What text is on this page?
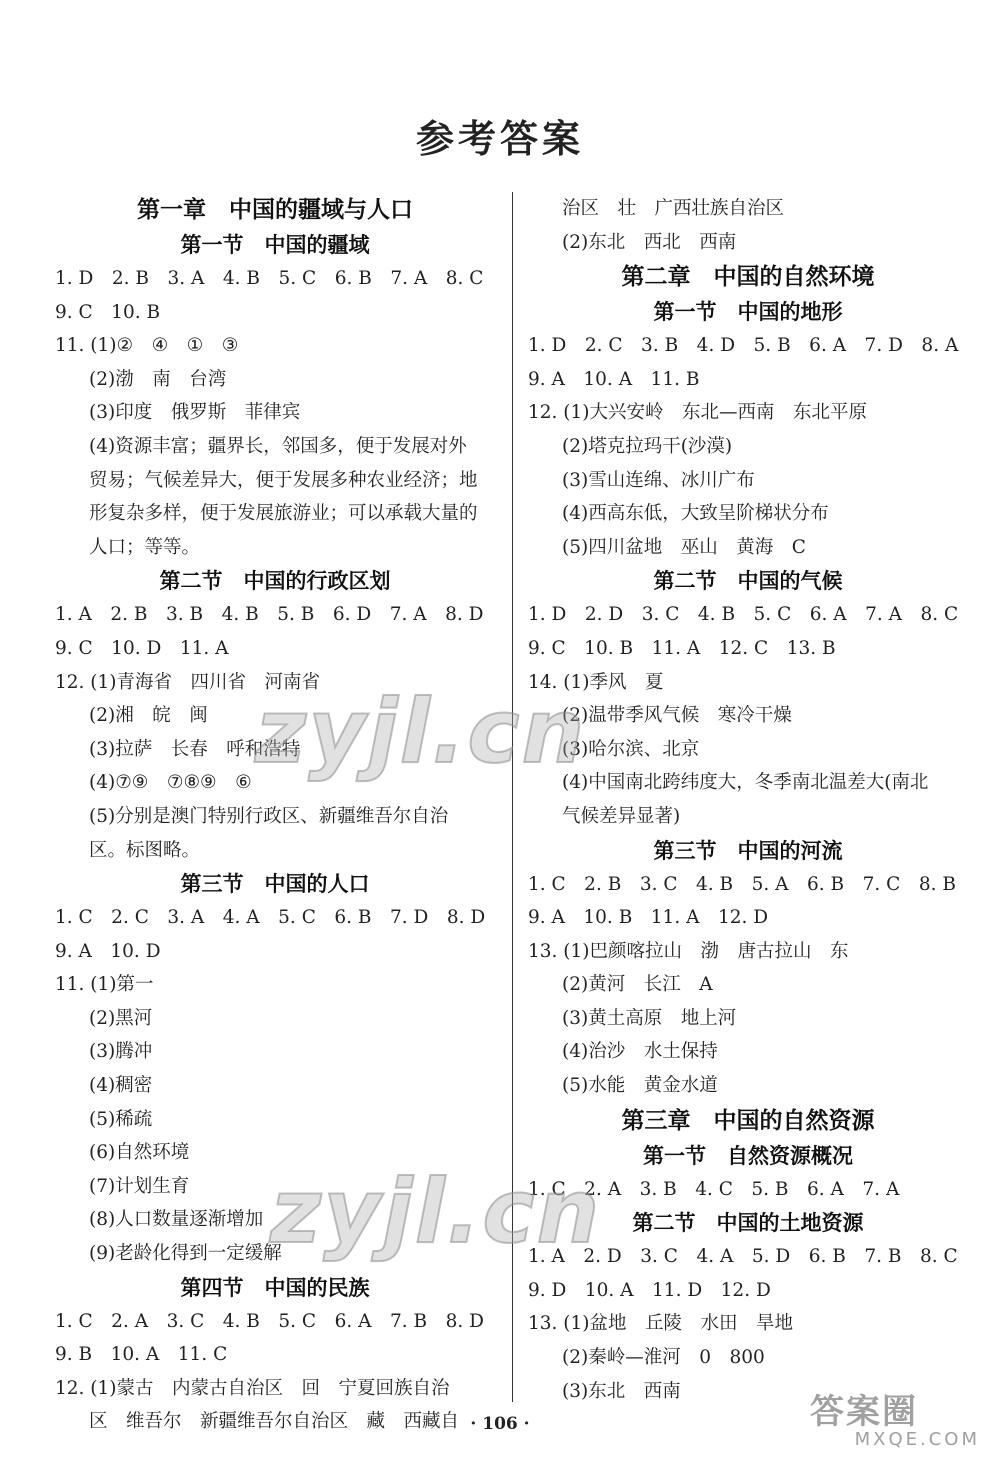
参考答案
第一章　中国的疆域与人口
第一节　中国的疆域
1. D　2. B　3. A　4. B　5. C　6. B　7. A　8. C
9. C　10. B
11. (1)②　④　①　③
(2)渤　南　台湾
(3)印度　俄罗斯　菲律宾
(4)资源丰富；疆界长，邻国多，便于发展对外
贸易；气候差异大，便于发展多种农业经济；地
形复杂多样，便于发展旅游业；可以承载大量的
人口；等等。
第二节　中国的行政区划
1. A　2. B　3. B　4. B　5. B　6. D　7. A　8. D
9. C　10. D　11. A
12. (1)青海省　四川省　河南省
(2)湘　皖　闽
(3)拉萨　长春　呼和浩特
(4)⑦⑨　⑦⑧⑨　⑥
(5)分别是澳门特别行政区、新疆维吾尔自治
区。标图略。
第三节　中国的人口
1. C　2. C　3. A　4. A　5. C　6. B　7. D　8. D
9. A　10. D
11. (1)第一
(2)黑河
(3)腾冲
(4)稠密
(5)稀疏
(6)自然环境
(7)计划生育
(8)人口数量逐渐增加
(9)老龄化得到一定缓解
第四节　中国的民族
1. C　2. A　3. C　4. B　5. C　6. A　7. B　8. D
9. B　10. A　11. C
12. (1)蒙古　内蒙古自治区　回　宁夏回族自治
区　维吾尔　新疆维吾尔自治区　藏　西藏自
治区　壮　广西壮族自治区
(2)东北　西北　西南
第二章　中国的自然环境
第一节　中国的地形
1. D　2. C　3. B　4. D　5. B　6. A　7. D　8. A
9. A　10. A　11. B
12. (1)大兴安岭　东北—西南　东北平原
(2)塔克拉玛干(沙漠)
(3)雪山连绵、冰川广布
(4)西高东低，大致呈阶梯状分布
(5)四川盆地　巫山　黄海　C
第二节　中国的气候
1. D　2. D　3. C　4. B　5. C　6. A　7. A　8. C
9. C　10. B　11. A　12. C　13. B
14. (1)季风　夏
(2)温带季风气候　寒冷干燥
(3)哈尔滨、北京
(4)中国南北跨纬度大，冬季南北温差大(南北
气候差异显著)
第三节　中国的河流
1. C　2. B　3. C　4. B　5. A　6. B　7. C　8. B
9. A　10. B　11. A　12. D
13. (1)巴颜喀拉山　渤　唐古拉山　东
(2)黄河　长江　A
(3)黄土高原　地上河
(4)治沙　水土保持
(5)水能　黄金水道
第三章　中国的自然资源
第一节　自然资源概况
1. C　2. A　3. B　4. C　5. B　6. A　7. A
第二节　中国的土地资源
1. A　2. D　3. C　4. A　5. D　6. B　7. B　8. C
9. D　10. A　11. D　12. D
13. (1)盆地　丘陵　水田　旱地
(2)秦岭—淮河　0　800
(3)东北　西南
zyjl.cn
zyjl.cn
· 106 ·	答案圈
MXQE.COM
